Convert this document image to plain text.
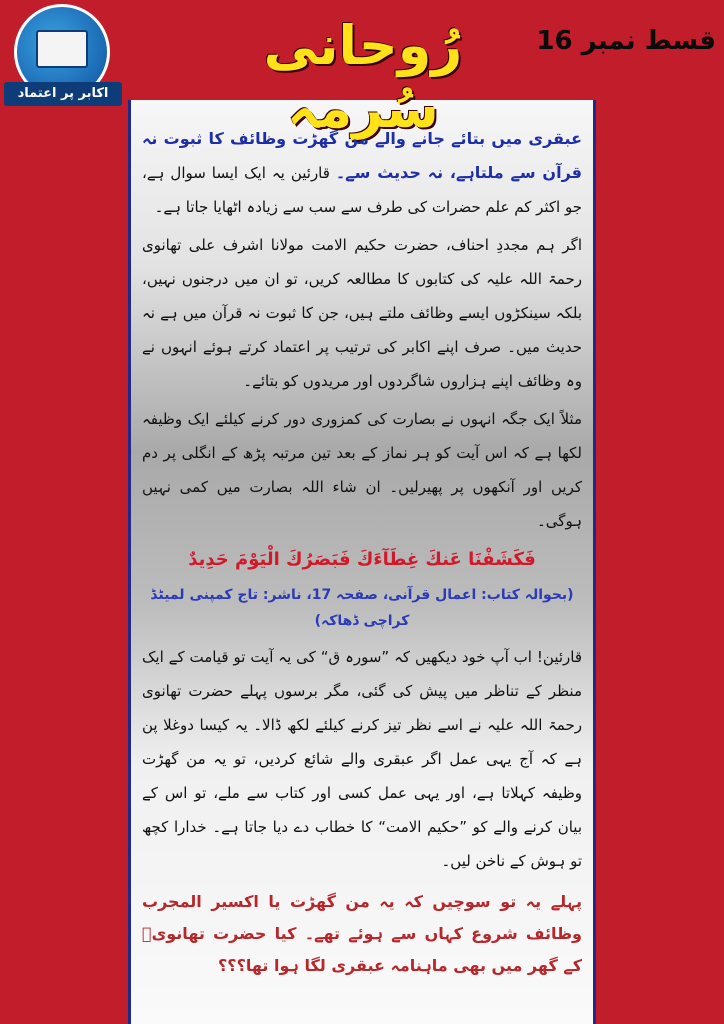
اکابر پر اعتماد
رُوحانی سُرمہ
قسط نمبر 16

عبقری میں بتائے جانے والے من گھڑت وظائف کا ثبوت نہ قرآن سے ملتاہے، نہ حدیث سے۔ قارئین یہ ایک ایسا سوال ہے، جو اکثر کم علم حضرات کی طرف سے سب سے زیادہ اٹھایا جاتا ہے۔

اگر ہم مجددِ احناف، حضرت حکیم الامت مولانا اشرف علی تھانوی رحمۃ اللہ علیہ کی کتابوں کا مطالعہ کریں، تو ان میں درجنوں نہیں، بلکہ سینکڑوں ایسے وظائف ملتے ہیں، جن کا ثبوت نہ قرآن میں ہے نہ حدیث میں۔ صرف اپنے اکابر کی ترتیب پر اعتماد کرتے ہوئے انہوں نے وہ وظائف اپنے ہزاروں شاگردوں اور مریدوں کو بتائے۔

مثلاً ایک جگہ انہوں نے بصارت کی کمزوری دور کرنے کیلئے ایک وظیفہ لکھا ہے کہ اس آیت کو ہر نماز کے بعد تین مرتبہ پڑھ کے انگلی پر دم کریں اور آنکھوں پر پھیرلیں۔ ان شاء اللہ بصارت میں کمی نہیں ہوگی۔

فَكَشَفْنَا عَنكَ غِطَآءَكَ فَبَصَرُكَ الْيَوْمَ حَدِيدٌ
(بحوالہ کتاب: اعمال قرآنی، صفحہ 17، ناشر: تاج کمپنی لمیٹڈ کراچی ڈھاکہ)

قارئین! اب آپ خود دیکھیں کہ ”سورہ ق“ کی یہ آیت تو قیامت کے ایک منظر کے تناظر میں پیش کی گئی، مگر برسوں پہلے حضرت تھانوی رحمۃ اللہ علیہ نے اسے نظر تیز کرنے کیلئے لکھ ڈالا۔ یہ کیسا دوغلا پن ہے کہ آج یہی عمل اگر عبقری والے شائع کردیں، تو یہ من گھڑت وظیفہ کہلاتا ہے، اور یہی عمل کسی اور کتاب سے ملے، تو اس کے بیان کرنے والے کو ”حکیم الامت“ کا خطاب دے دیا جاتا ہے۔ خدارا کچھ تو ہوش کے ناخن لیں۔

پہلے یہ تو سوچیں کہ یہ من گھڑت یا اکسیر المجرب وظائف شروع کہاں سے ہوئے تھے۔ کیا حضرت تھانویؒ کے گھر میں بھی ماہنامہ عبقری لگا ہوا تھا؟؟؟
